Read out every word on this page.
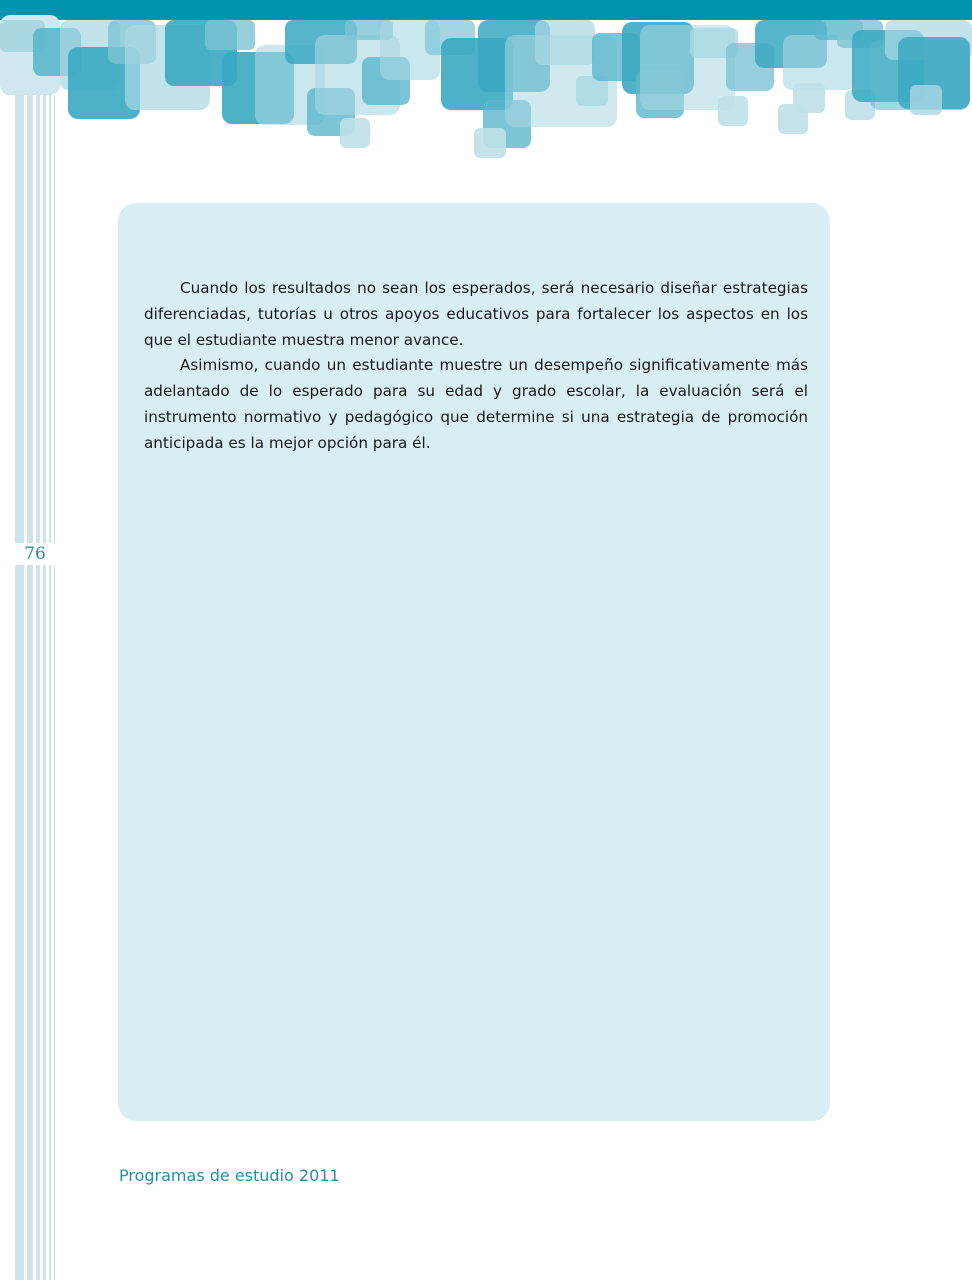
76

Cuando los resultados no sean los esperados, será necesario diseñar estrategias diferenciadas, tutorías u otros apoyos educativos para fortalecer los aspectos en los que el estudiante muestra menor avance.

Asimismo, cuando un estudiante muestre un desempeño significativamente más adelantado de lo esperado para su edad y grado escolar, la evaluación será el instrumento normativo y pedagógico que determine si una estrategia de promoción anticipada es la mejor opción para él.

Programas de estudio 2011
